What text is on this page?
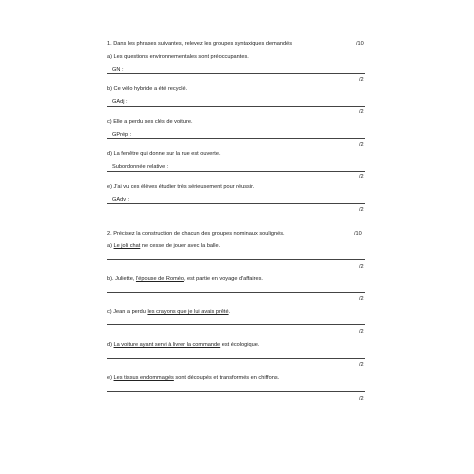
1. Dans les phrases suivantes, relevez les groupes syntaxiques demandés	/10
a) Les questions environnementales sont préoccupantes.
GN :
/2
b) Ce vélo hybride a été recyclé.
GAdj :
/2
c) Elle a perdu ses clés de voiture.
GPrép :
/2
d) La fenêtre qui donne sur la rue est ouverte.
Subordonnée relative :
/2
e) J'ai vu ces élèves étudier très sérieusement pour réussir.
GAdv :
/2
2. Précisez la construction de chacun des groupes nominaux soulignés.	/10
a) Le joli chat ne cesse de jouer avec la balle.
/2
b). Juliette, l'épouse de Roméo, est partie en voyage d'affaires.
/2
c) Jean a perdu les crayons que je lui avais prêté.
/2
d) La voiture ayant servi à livrer la commande est écologique.
/2
e) Les tissus endommagés sont découpés et transformés en chiffons.
/2
